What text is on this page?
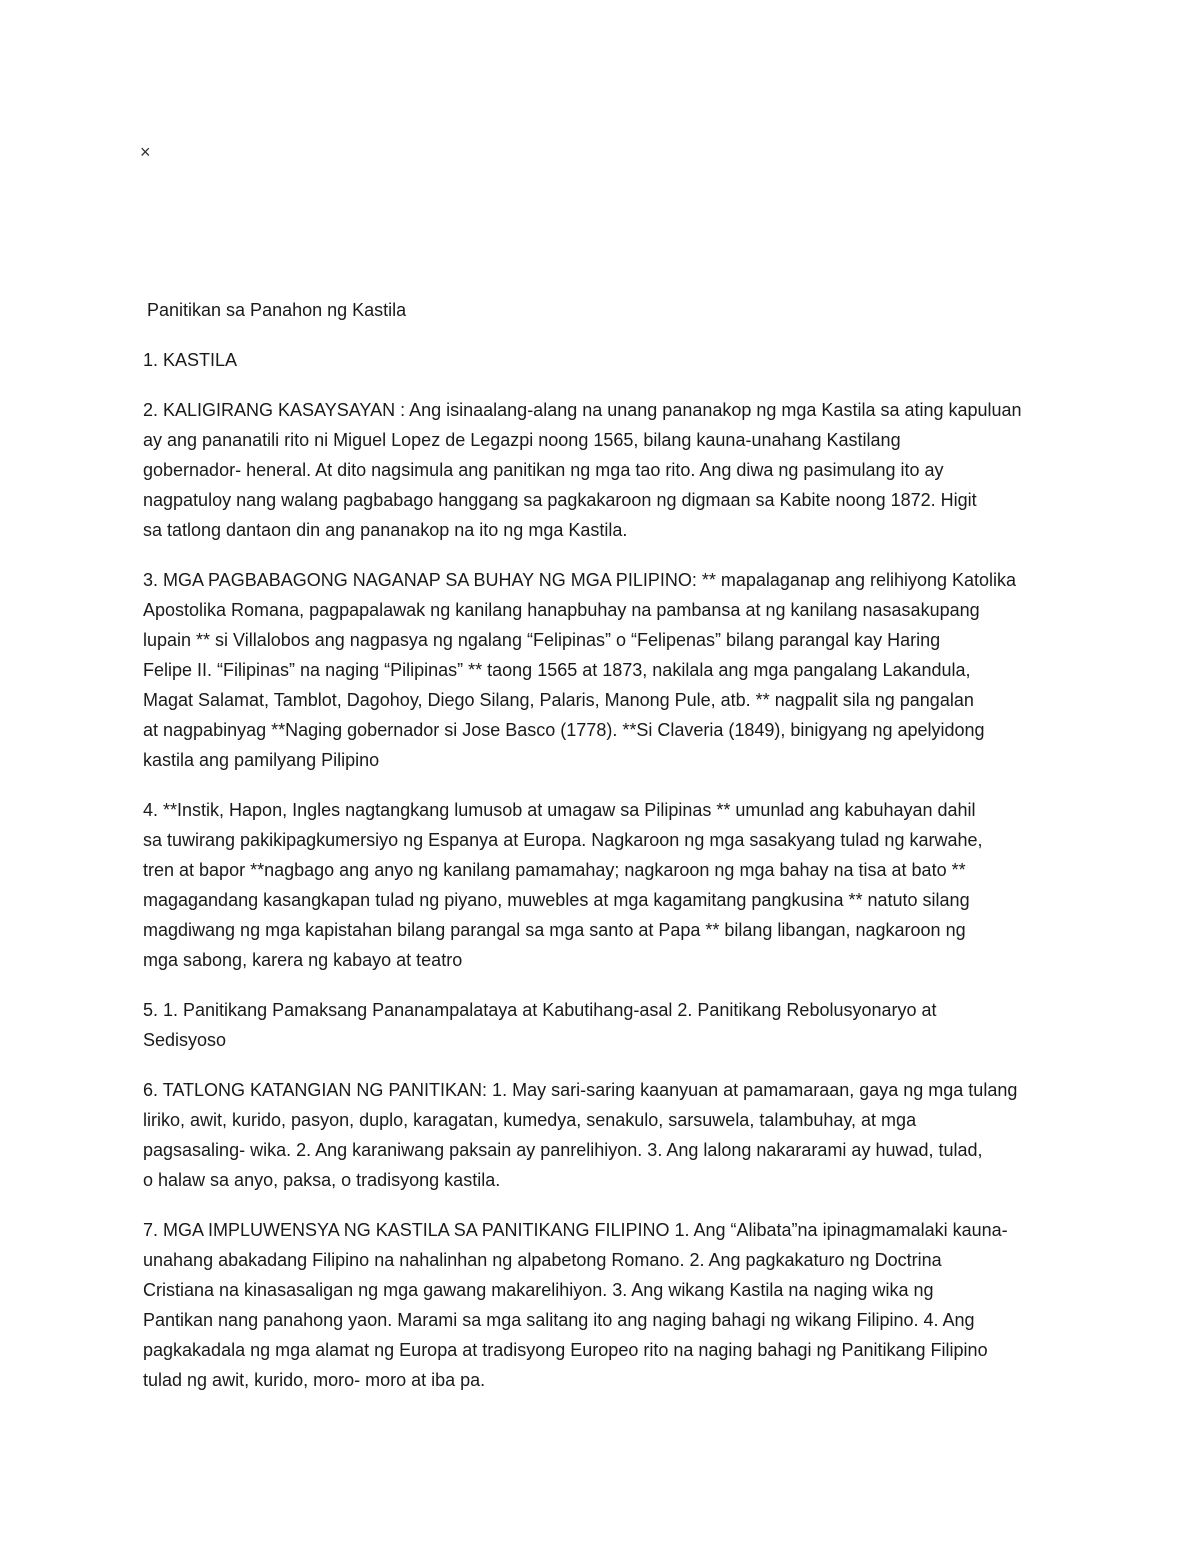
×
Panitikan sa Panahon ng Kastila

1. KASTILA

2. KALIGIRANG KASAYSAYAN : Ang isinaalang-alang na unang pananakop ng mga Kastila sa ating kapuluan
ay ang pananatili rito ni Miguel Lopez de Legazpi noong 1565, bilang kauna-unahang Kastilang
gobernador- heneral. At dito nagsimula ang panitikan ng mga tao rito. Ang diwa ng pasimulang ito ay
nagpatuloy nang walang pagbabago hanggang sa pagkakaroon ng digmaan sa Kabite noong 1872. Higit
sa tatlong dantaon din ang pananakop na ito ng mga Kastila.

3. MGA PAGBABAGONG NAGANAP SA BUHAY NG MGA PILIPINO: ** mapalaganap ang relihiyong Katolika
Apostolika Romana, pagpapalawak ng kanilang hanapbuhay na pambansa at ng kanilang nasasakupang
lupain ** si Villalobos ang nagpasya ng ngalang “Felipinas” o “Felipenas” bilang parangal kay Haring
Felipe II. “Filipinas” na naging “Pilipinas” ** taong 1565 at 1873, nakilala ang mga pangalang Lakandula,
Magat Salamat, Tamblot, Dagohoy, Diego Silang, Palaris, Manong Pule, atb. ** nagpalit sila ng pangalan
at nagpabinyag **Naging gobernador si Jose Basco (1778). **Si Claveria (1849), binigyang ng apelyidong
kastila ang pamilyang Pilipino

4. **Instik, Hapon, Ingles nagtangkang lumusob at umagaw sa Pilipinas ** umunlad ang kabuhayan dahil
sa tuwirang pakikipagkumersiyo ng Espanya at Europa. Nagkaroon ng mga sasakyang tulad ng karwahe,
tren at bapor **nagbago ang anyo ng kanilang pamamahay; nagkaroon ng mga bahay na tisa at bato **
magagandang kasangkapan tulad ng piyano, muwebles at mga kagamitang pangkusina ** natuto silang
magdiwang ng mga kapistahan bilang parangal sa mga santo at Papa ** bilang libangan, nagkaroon ng
mga sabong, karera ng kabayo at teatro

5. 1. Panitikang Pamaksang Pananampalataya at Kabutihang-asal 2. Panitikang Rebolusyonaryo at
Sedisyoso

6. TATLONG KATANGIAN NG PANITIKAN: 1. May sari-saring kaanyuan at pamamaraan, gaya ng mga tulang
liriko, awit, kurido, pasyon, duplo, karagatan, kumedya, senakulo, sarsuwela, talambuhay, at mga
pagsasaling- wika. 2. Ang karaniwang paksain ay panrelihiyon. 3. Ang lalong nakararami ay huwad, tulad,
o halaw sa anyo, paksa, o tradisyong kastila.

7. MGA IMPLUWENSYA NG KASTILA SA PANITIKANG FILIPINO 1. Ang “Alibata”na ipinagmamalaki kauna-
unahang abakadang Filipino na nahalinhan ng alpabetong Romano. 2. Ang pagkakaturo ng Doctrina
Cristiana na kinasasaligan ng mga gawang makarelihiyon. 3. Ang wikang Kastila na naging wika ng
Pantikan nang panahong yaon. Marami sa mga salitang ito ang naging bahagi ng wikang Filipino. 4. Ang
pagkakadala ng mga alamat ng Europa at tradisyong Europeo rito na naging bahagi ng Panitikang Filipino
tulad ng awit, kurido, moro- moro at iba pa.
